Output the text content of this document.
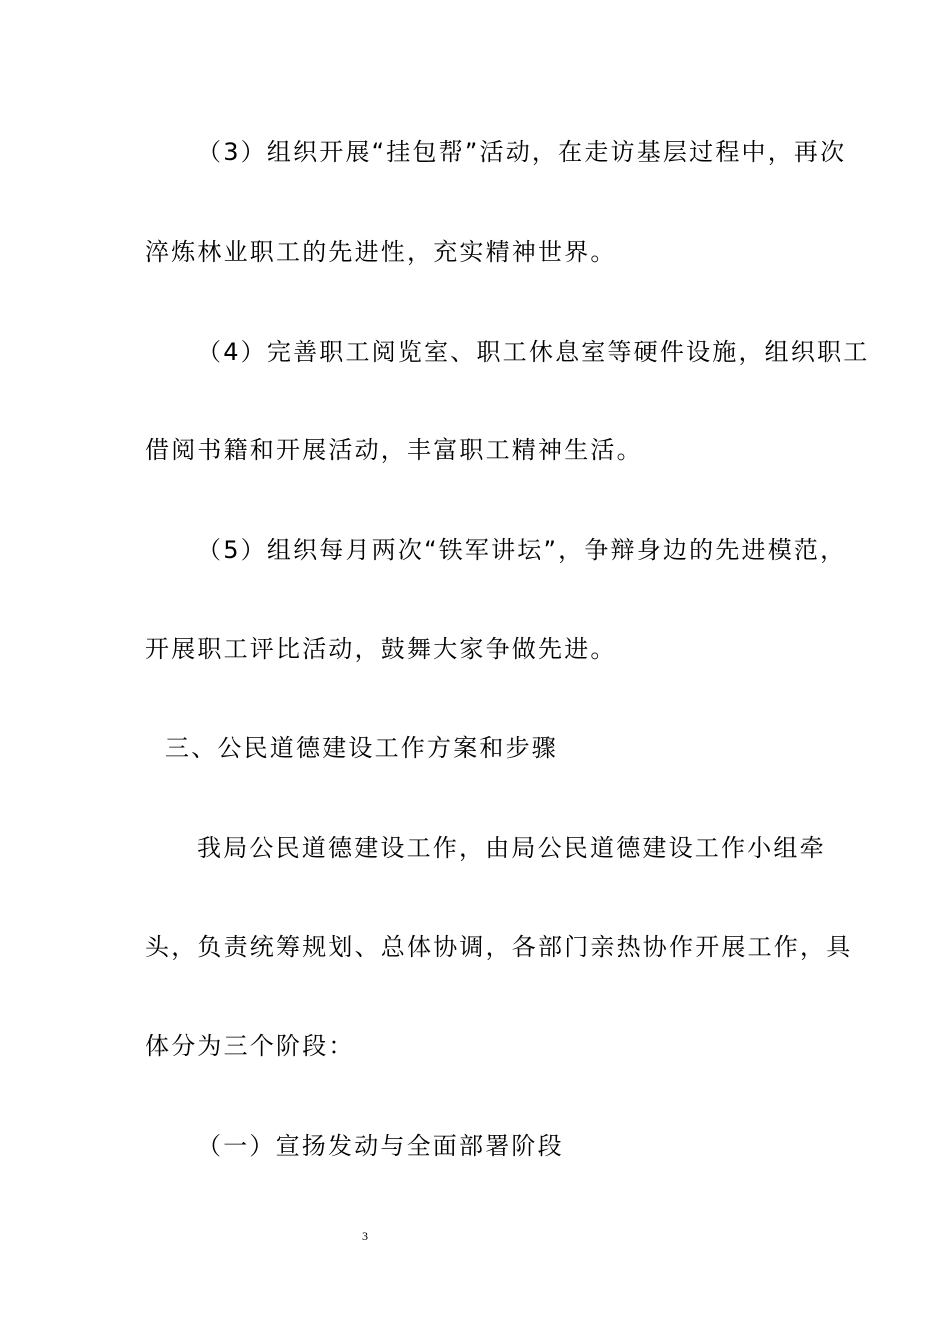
（3）组织开展“挂包帮”活动，在走访基层过程中，再次

淬炼林业职工的先进性，充实精神世界。

（4）完善职工阅览室、职工休息室等硬件设施，组织职工

借阅书籍和开展活动，丰富职工精神生活。

（5）组织每月两次“铁军讲坛”，争辩身边的先进模范，

开展职工评比活动，鼓舞大家争做先进。

三、公民道德建设工作方案和步骤

我局公民道德建设工作，由局公民道德建设工作小组牵

头，负责统筹规划、总体协调，各部门亲热协作开展工作，具

体分为三个阶段：

（一）宣扬发动与全面部署阶段

3
